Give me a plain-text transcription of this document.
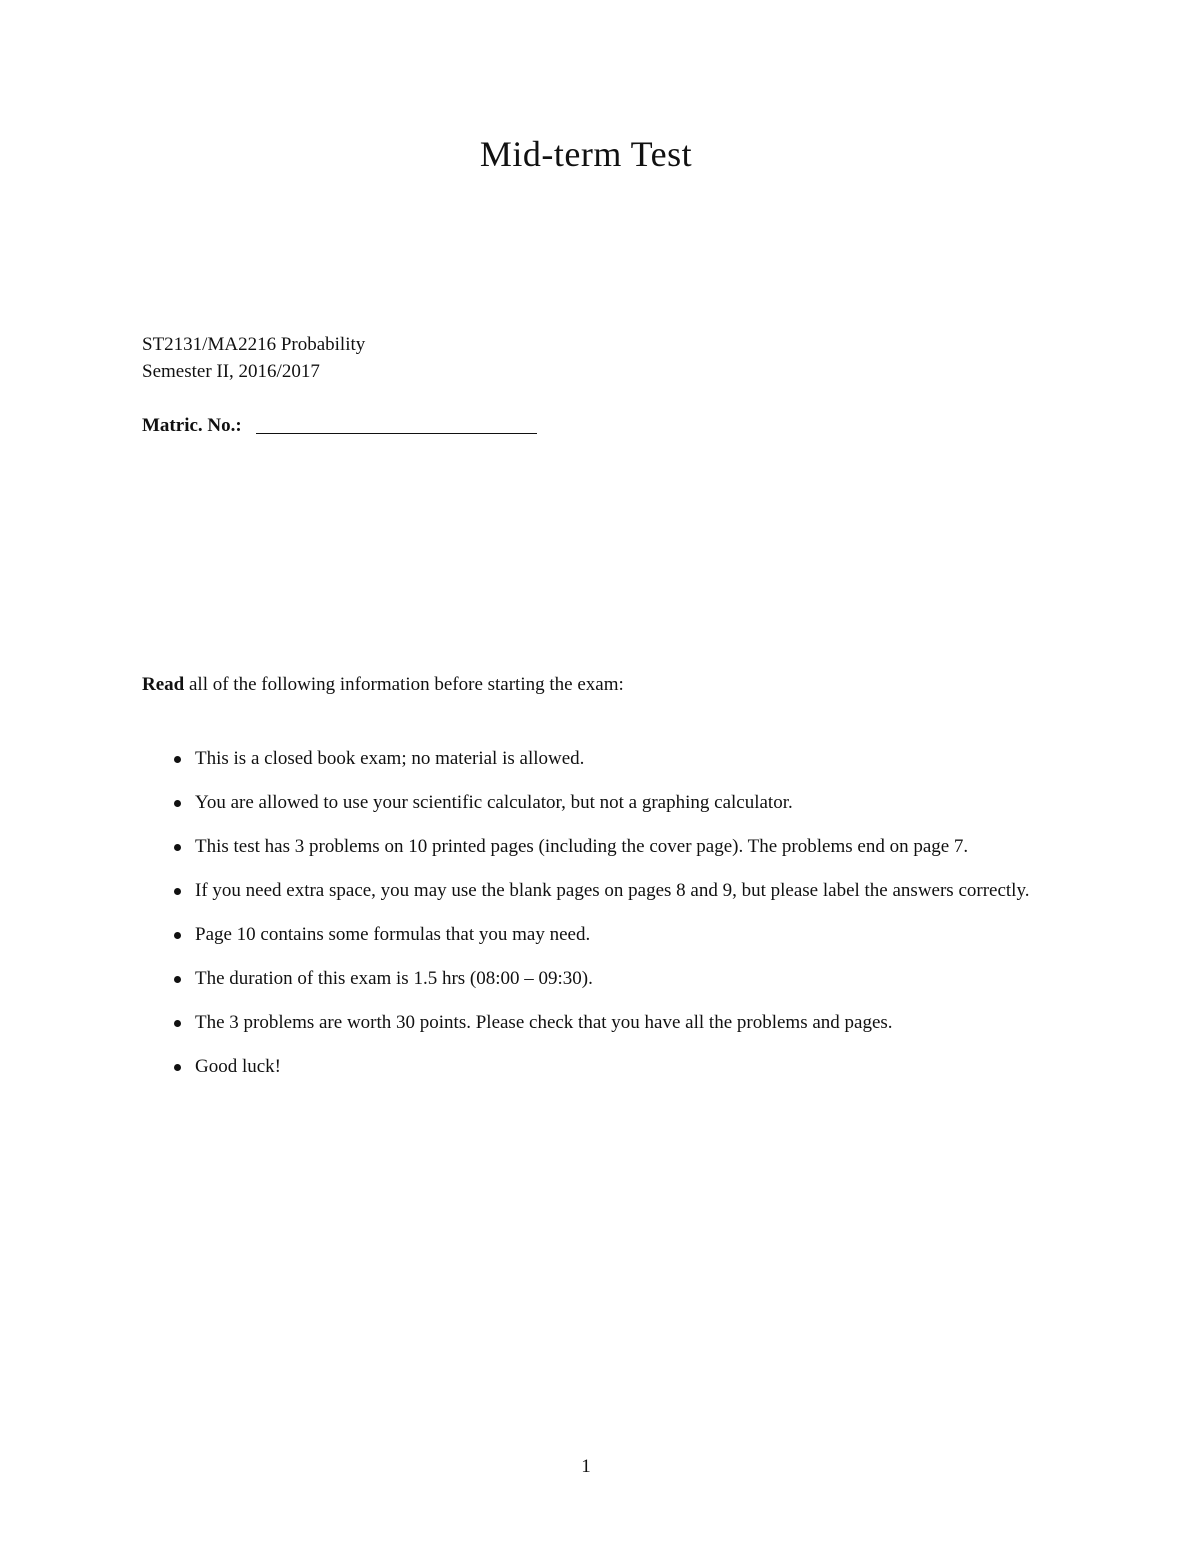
Mid-term Test
ST2131/MA2216 Probability
Semester II, 2016/2017
Matric. No.:
Read all of the following information before starting the exam:
This is a closed book exam; no material is allowed.
You are allowed to use your scientific calculator, but not a graphing calculator.
This test has 3 problems on 10 printed pages (including the cover page). The problems end on page 7.
If you need extra space, you may use the blank pages on pages 8 and 9, but please label the answers correctly.
Page 10 contains some formulas that you may need.
The duration of this exam is 1.5 hrs (08:00 – 09:30).
The 3 problems are worth 30 points. Please check that you have all the problems and pages.
Good luck!
1
